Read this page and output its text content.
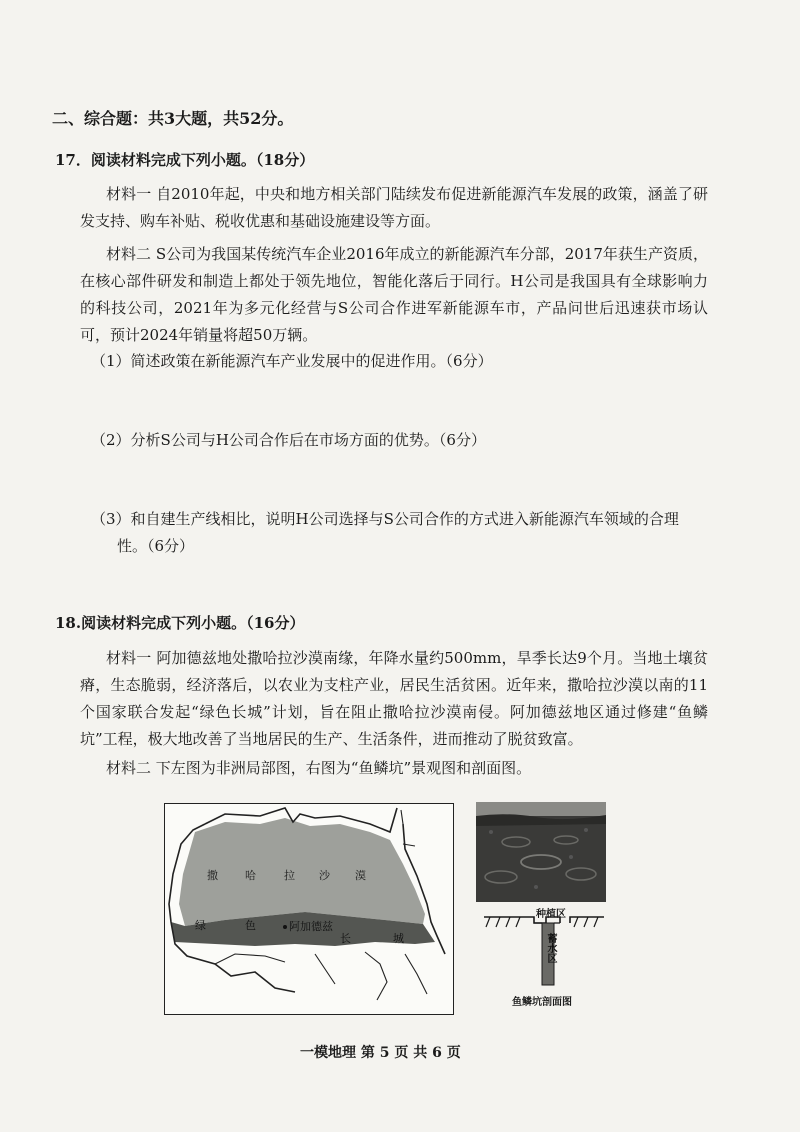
二、综合题：共3大题，共52分。
17．阅读材料完成下列小题。（18分）
材料一 自2010年起，中央和地方相关部门陆续发布促进新能源汽车发展的政策，涵盖了研发支持、购车补贴、税收优惠和基础设施建设等方面。
材料二 S公司为我国某传统汽车企业2016年成立的新能源汽车分部，2017年获生产资质，在核心部件研发和制造上都处于领先地位，智能化落后于同行。H公司是我国具有全球影响力的科技公司，2021年为多元化经营与S公司合作进军新能源车市，产品问世后迅速获市场认可，预计2024年销量将超50万辆。
（1）简述政策在新能源汽车产业发展中的促进作用。（6分）
（2）分析S公司与H公司合作后在市场方面的优势。（6分）
（3）和自建生产线相比，说明H公司选择与S公司合作的方式进入新能源汽车领域的合理
性。（6分）
18.阅读材料完成下列小题。（16分）
材料一 阿加德兹地处撒哈拉沙漠南缘，年降水量约500mm，旱季长达9个月。当地土壤贫瘠，生态脆弱，经济落后，以农业为支柱产业，居民生活贫困。近年来，撒哈拉沙漠以南的11个国家联合发起“绿色长城”计划，旨在阻止撒哈拉沙漠南侵。阿加德兹地区通过修建“鱼鳞坑”工程，极大地改善了当地居民的生产、生活条件，进而推动了脱贫致富。
材料二 下左图为非洲局部图，右图为“鱼鳞坑”景观图和剖面图。
撒 哈	拉 沙 漠
绿	色
长	城
阿加德兹
种植区
蓄水区
鱼鳞坑剖面图
一模地理 第 5 页 共 6 页
